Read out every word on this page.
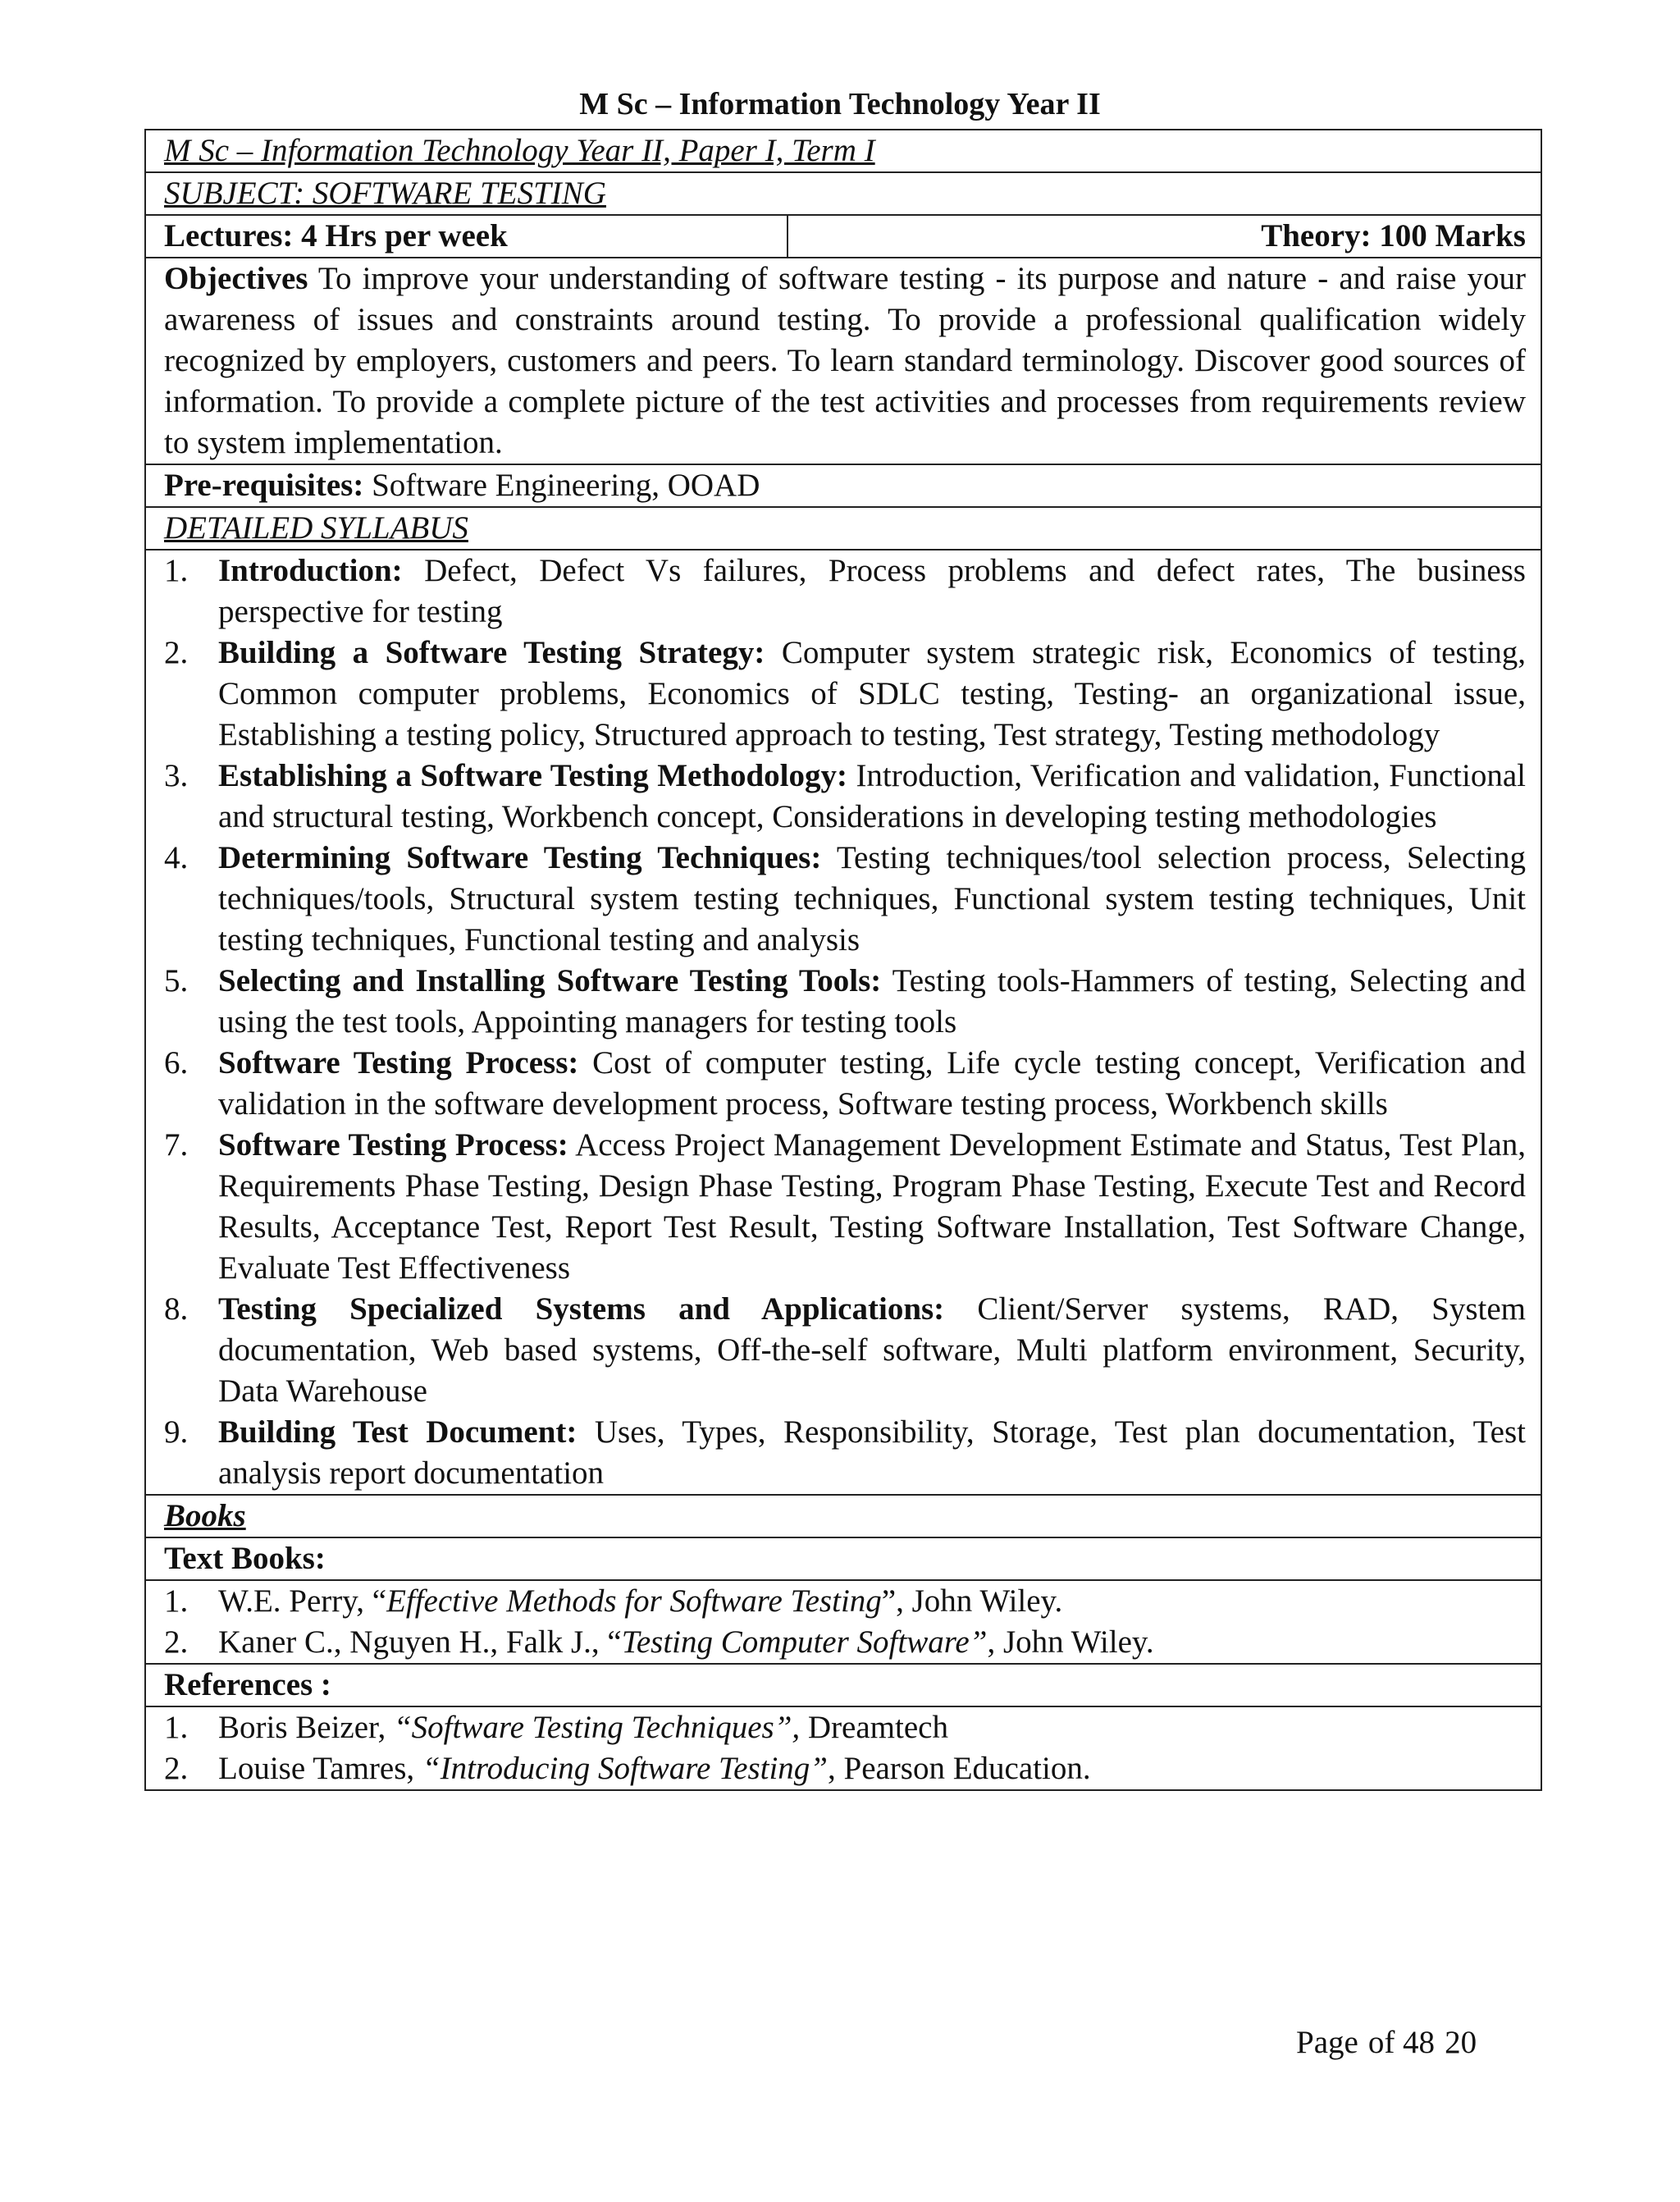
M Sc – Information Technology Year II
M Sc – Information Technology Year II, Paper I, Term I
SUBJECT: SOFTWARE TESTING
Lectures: 4 Hrs per week	Theory: 100 Marks
Objectives To improve your understanding of software testing - its purpose and nature - and raise your awareness of issues and constraints around testing. To provide a professional qualification widely recognized by employers, customers and peers. To learn standard terminology. Discover good sources of information. To provide a complete picture of the test activities and processes from requirements review to system implementation.
Pre-requisites: Software Engineering, OOAD
DETAILED SYLLABUS

1. Introduction: Defect, Defect Vs failures, Process problems and defect rates, The business perspective for testing
2. Building a Software Testing Strategy: Computer system strategic risk, Economics of testing, Common computer problems, Economics of SDLC testing, Testing- an organizational issue, Establishing a testing policy, Structured approach to testing, Test strategy, Testing methodology
3. Establishing a Software Testing Methodology: Introduction, Verification and validation, Functional and structural testing, Workbench concept, Considerations in developing testing methodologies
4. Determining Software Testing Techniques: Testing techniques/tool selection process, Selecting techniques/tools, Structural system testing techniques, Functional system testing techniques, Unit testing techniques, Functional testing and analysis
5. Selecting and Installing Software Testing Tools: Testing tools-Hammers of testing, Selecting and using the test tools, Appointing managers for testing tools
6. Software Testing Process: Cost of computer testing, Life cycle testing concept, Verification and validation in the software development process, Software testing process, Workbench skills
7. Software Testing Process: Access Project Management Development Estimate and Status, Test Plan, Requirements Phase Testing, Design Phase Testing, Program Phase Testing, Execute Test and Record Results, Acceptance Test, Report Test Result, Testing Software Installation, Test Software Change, Evaluate Test Effectiveness
8. Testing Specialized Systems and Applications: Client/Server systems, RAD, System documentation, Web based systems, Off-the-self software, Multi platform environment, Security, Data Warehouse
9. Building Test Document: Uses, Types, Responsibility, Storage, Test plan documentation, Test analysis report documentation

Books
Text Books:

1. W.E. Perry, “Effective Methods for Software Testing”, John Wiley.
2. Kaner C., Nguyen H., Falk J., “Testing Computer Software”, John Wiley.

References :

1. Boris Beizer, “Software Testing Techniques”, Dreamtech
2. Louise Tamres, “Introducing Software Testing”, Pearson Education.
Page of 48 20
